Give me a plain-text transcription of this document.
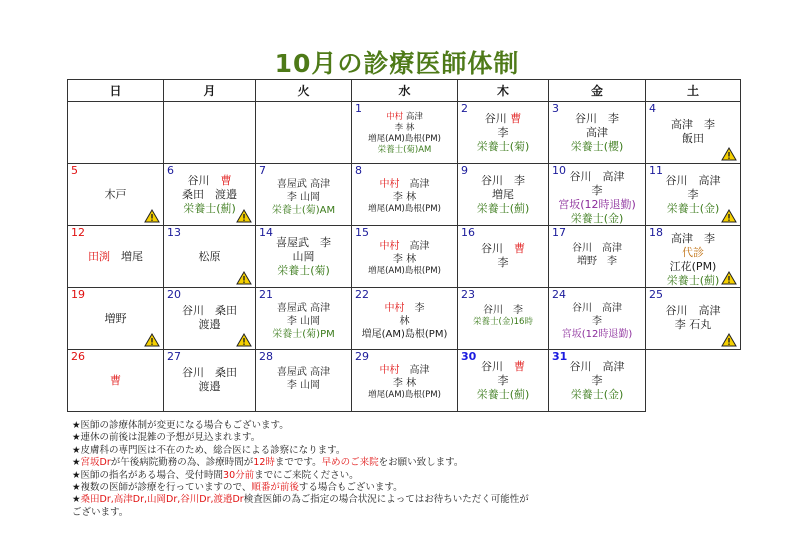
10月の診療医師体制
日	月	火	水	木	金	土

			1
中村 高津
李 林
増尾(AM)島根(PM)
栄養士(菊)AM	2
谷川 曹
李
栄養士(菊)	3
谷川　李
高津
栄養士(櫻)	4
高津　李
飯田

5
木戸	6
谷川　曹
桑田　渡邉
栄養士(薊)	7
喜屋武 高津
李 山岡
栄養士(菊)AM	8
中村　高津
李 林
増尾(AM)島根(PM)	9
谷川　李
増尾
栄養士(薊)	10 谷川　高津
李
宮坂(12時退勤)
栄養士(金)	11
谷川　高津
李
栄養士(金)

12
田渕　増尾	13
松原	14
喜屋武　李
山岡
栄養士(菊)	15
中村　高津
李 林
増尾(AM)島根(PM)	16
谷川　曹
李	17
谷川　高津
増野　李	18 高津　李
代診
江花(PM)
栄養士(薊)

19
増野	20
谷川　桑田
渡邉	21
喜屋武 高津
李 山岡
栄養士(菊)PM	22
中村　李
林
増尾(AM)島根(PM)	23
谷川　李
栄養士(金)16時	24
谷川　高津
李
宮坂(12時退勤)	25
谷川　高津
李 石丸

26
曹	27
谷川　桑田
渡邉	28
喜屋武 高津
李 山岡	29
中村　高津
李 林
増尾(AM)島根(PM)	30
谷川　曹
李
栄養士(薊)	31
谷川　高津
李
栄養士(金)	

★医師の診療体制が変更になる場合もございます。
★連休の前後は混雑の予想が見込まれます。
★皮膚科の専門医は不在のため、総合医による診察になります。
★宮坂Drが午後病院勤務の為、診療時間が12時までです。早めのご来院をお願い致します。
★医師の指名がある場合、受付時間30分前までにご来院ください。
★複数の医師が診療を行っていますので、順番が前後する場合もございます。
★桑田Dr,高津Dr,山岡Dr,谷川Dr,渡邉Dr検査医師の為ご指定の場合状況によってはお待ちいただく可能性が
ございます。
